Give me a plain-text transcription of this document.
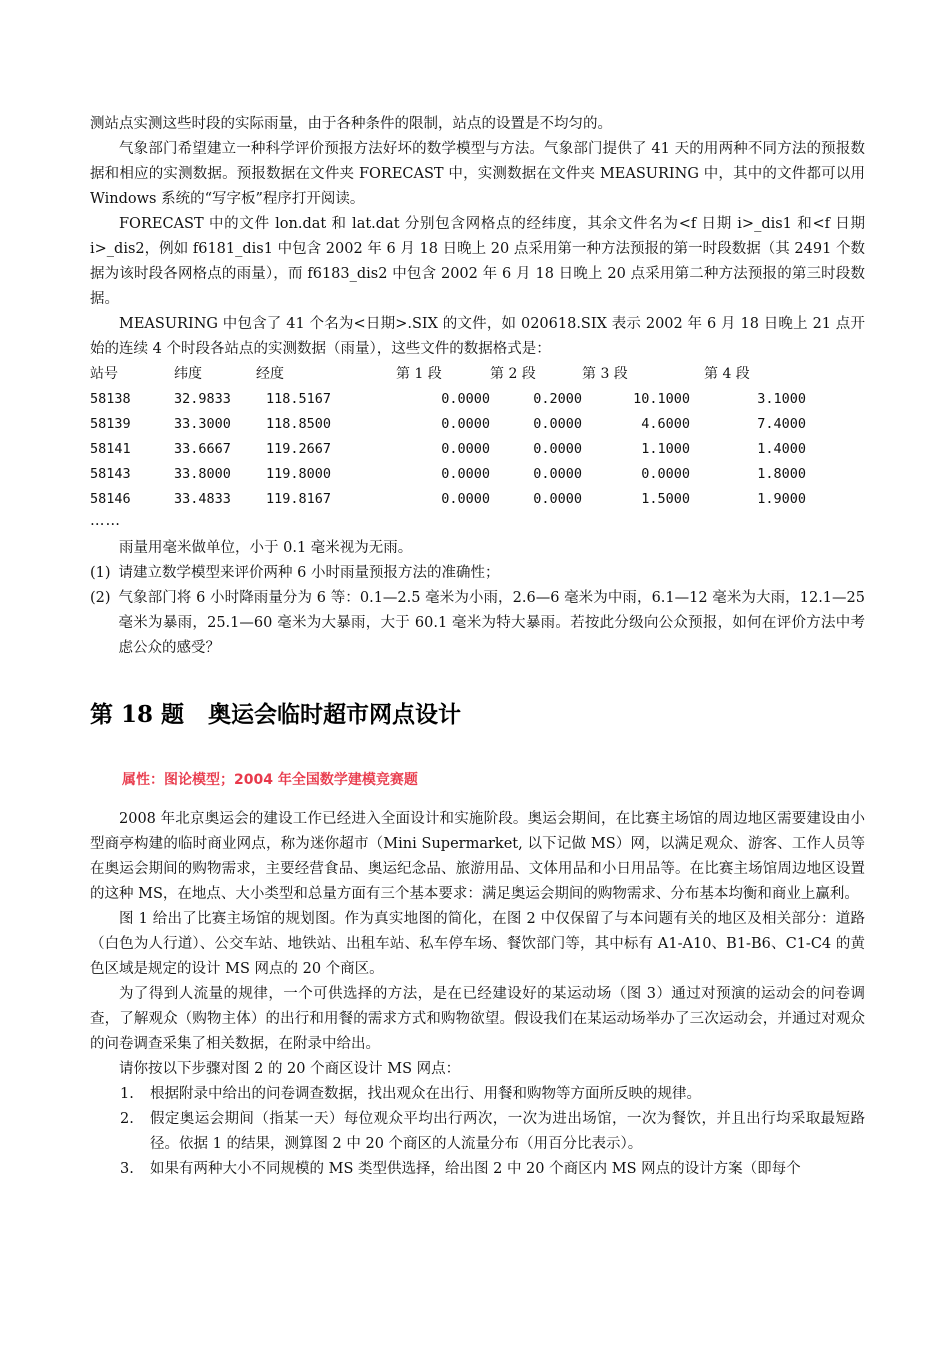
测站点实测这些时段的实际雨量，由于各种条件的限制，站点的设置是不均匀的。

气象部门希望建立一种科学评价预报方法好坏的数学模型与方法。气象部门提供了 41 天的用两种不同方法的预报数据和相应的实测数据。预报数据在文件夹 FORECAST 中，实测数据在文件夹 MEASURING 中，其中的文件都可以用 Windows 系统的“写字板”程序打开阅读。

FORECAST 中的文件 lon.dat 和 lat.dat 分别包含网格点的经纬度，其余文件名为<f 日期 i>_dis1 和<f 日期 i>_dis2，例如 f6181_dis1 中包含 2002 年 6 月 18 日晚上 20 点采用第一种方法预报的第一时段数据（其 2491 个数据为该时段各网格点的雨量），而 f6183_dis2 中包含 2002 年 6 月 18 日晚上 20 点采用第二种方法预报的第三时段数据。

MEASURING 中包含了 41 个名为<日期>.SIX 的文件，如 020618.SIX 表示 2002 年 6 月 18 日晚上 21 点开始的连续 4 个时段各站点的实测数据（雨量），这些文件的数据格式是：

站号	纬度	经度	第 1 段	第 2 段	第 3 段	第 4 段
58138	32.9833	118.5167	0.0000	0.2000	10.1000	3.1000
58139	33.3000	118.8500	0.0000	0.0000	4.6000	7.4000
58141	33.6667	119.2667	0.0000	0.0000	1.1000	1.4000
58143	33.8000	119.8000	0.0000	0.0000	0.0000	1.8000
58146	33.4833	119.8167	0.0000	0.0000	1.5000	1.9000

……

雨量用毫米做单位，小于 0.1 毫米视为无雨。

(1) 请建立数学模型来评价两种 6 小时雨量预报方法的准确性；
(2) 气象部门将 6 小时降雨量分为 6 等：0.1—2.5 毫米为小雨，2.6—6 毫米为中雨，6.1—12 毫米为大雨，12.1—25 毫米为暴雨，25.1—60 毫米为大暴雨，大于 60.1 毫米为特大暴雨。若按此分级向公众预报，如何在评价方法中考虑公众的感受？
第 18 题 奥运会临时超市网点设计
属性：图论模型；2004 年全国数学建模竞赛题

2008 年北京奥运会的建设工作已经进入全面设计和实施阶段。奥运会期间，在比赛主场馆的周边地区需要建设由小型商亭构建的临时商业网点，称为迷你超市（Mini Supermarket, 以下记做 MS）网，以满足观众、游客、工作人员等在奥运会期间的购物需求，主要经营食品、奥运纪念品、旅游用品、文体用品和小日用品等。在比赛主场馆周边地区设置的这种 MS，在地点、大小类型和总量方面有三个基本要求：满足奥运会期间的购物需求、分布基本均衡和商业上赢利。

图 1 给出了比赛主场馆的规划图。作为真实地图的简化，在图 2 中仅保留了与本问题有关的地区及相关部分：道路（白色为人行道）、公交车站、地铁站、出租车站、私车停车场、餐饮部门等，其中标有 A1-A10、B1-B6、C1-C4 的黄色区域是规定的设计 MS 网点的 20 个商区。

为了得到人流量的规律，一个可供选择的方法，是在已经建设好的某运动场（图 3）通过对预演的运动会的问卷调查，了解观众（购物主体）的出行和用餐的需求方式和购物欲望。假设我们在某运动场举办了三次运动会，并通过对观众的问卷调查采集了相关数据，在附录中给出。

请你按以下步骤对图 2 的 20 个商区设计 MS 网点：

1.	根据附录中给出的问卷调查数据，找出观众在出行、用餐和购物等方面所反映的规律。
2.	假定奥运会期间（指某一天）每位观众平均出行两次，一次为进出场馆，一次为餐饮，并且出行均采取最短路径。依据 1 的结果，测算图 2 中 20 个商区的人流量分布（用百分比表示）。
3.	如果有两种大小不同规模的 MS 类型供选择，给出图 2 中 20 个商区内 MS 网点的设计方案（即每个
